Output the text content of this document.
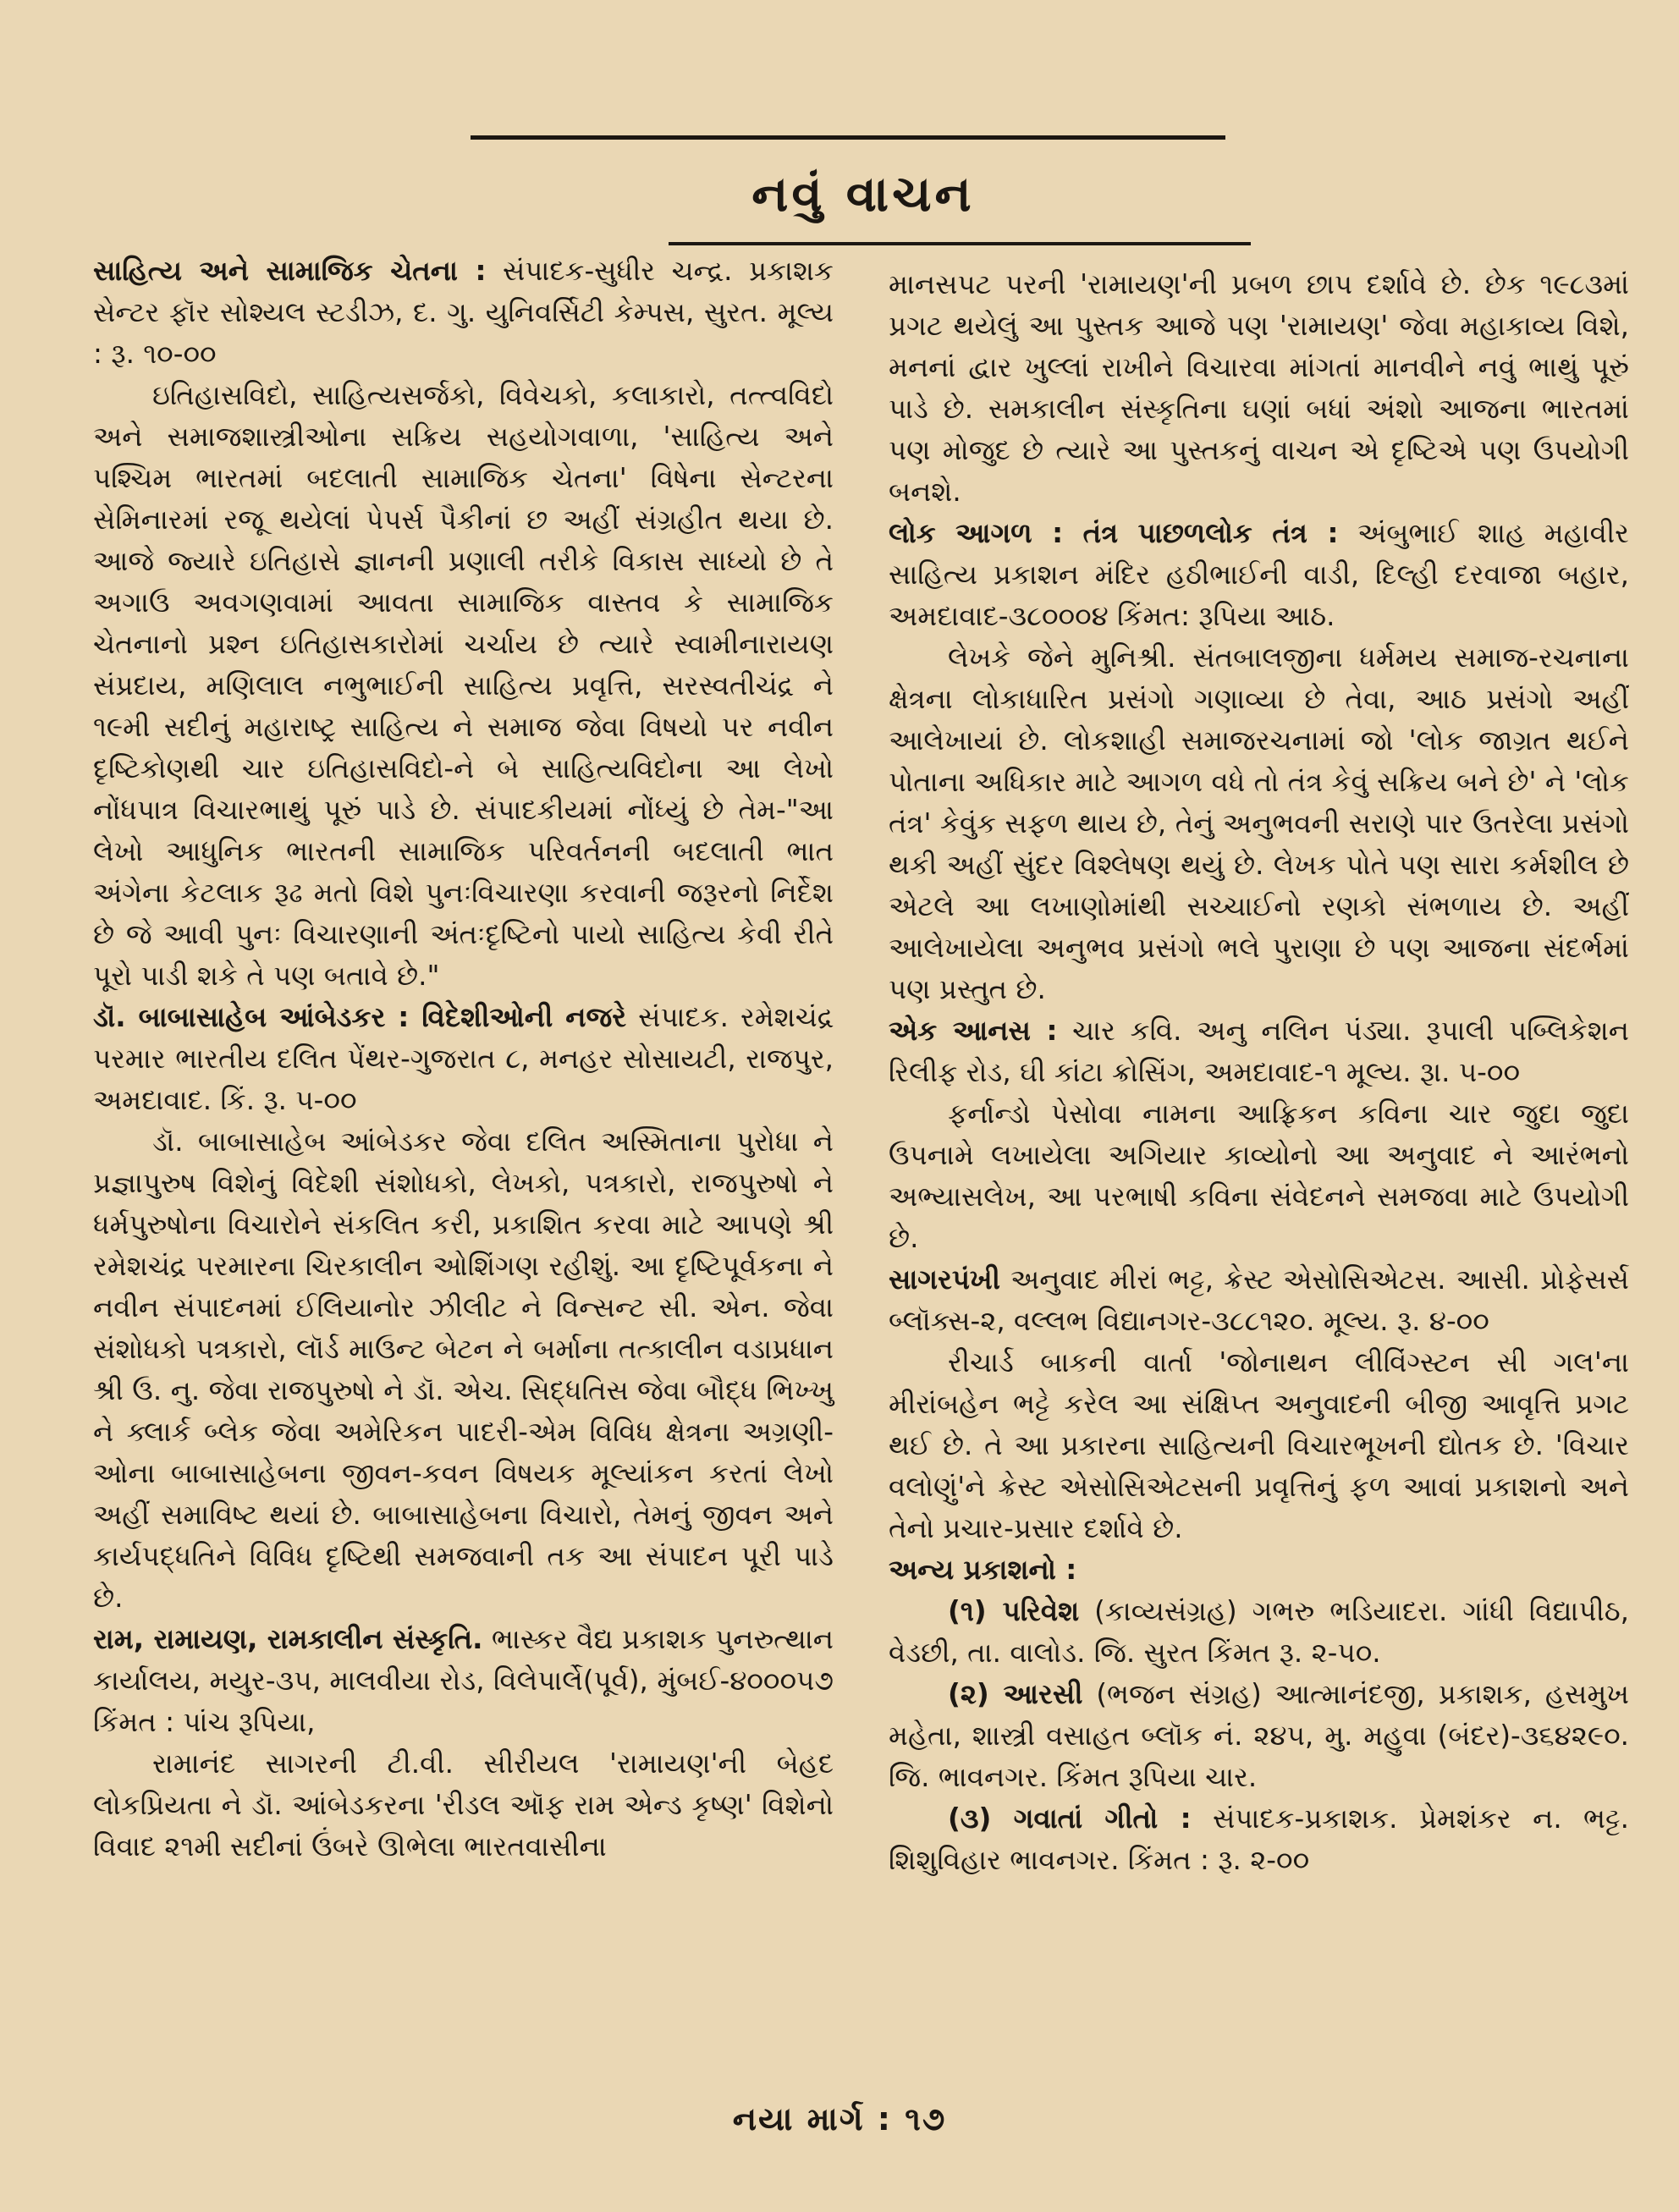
નવું વાચન

સાહિત્ય અને સામાજિક ચેતના : સંપાદક-સુધીર ચન્દ્ર. પ્રકાશક સેન્ટર ફૉર સોશ્યલ સ્ટડીઝ, દ. ગુ. યુનિવર્સિટી કેમ્પસ, સુરત. મૂલ્ય : રૂ. ૧૦-૦૦

ઇતિહાસવિદો, સાહિત્યસર્જકો, વિવેચકો, કલાકારો, તત્ત્વવિદો અને સમાજશાસ્ત્રીઓના સક્રિય સહયોગવાળા, 'સાહિત્ય અને પશ્ચિમ ભારતમાં બદલાતી સામાજિક ચેતના' વિષેના સેન્ટરના સેમિનારમાં રજૂ થયેલાં પેપર્સ પૈકીનાં છ અહીં સંગ્રહીત થયા છે. આજે જ્યારે ઇતિહાસે જ્ઞાનની પ્રણાલી તરીકે વિકાસ સાધ્યો છે તે અગાઉ અવગણવામાં આવતા સામાજિક વાસ્તવ કે સામાજિક ચેતનાનો પ્રશ્ન ઇતિહાસકારોમાં ચર્ચાય છે ત્યારે સ્વામીનારાયણ સંપ્રદાય, મણિલાલ નભુભાઈની સાહિત્ય પ્રવૃત્તિ, સરસ્વતીચંદ્ર ને ૧૯મી સદીનું મહારાષ્ટ્ર સાહિત્ય ને સમાજ જેવા વિષયો પર નવીન દૃષ્ટિકોણથી ચાર ઇતિહાસવિદો-ને બે સાહિત્યવિદોના આ લેખો નોંધપાત્ર વિચારભાથું પૂરું પાડે છે. સંપાદકીયમાં નોંધ્યું છે તેમ-"આ લેખો આધુનિક ભારતની સામાજિક પરિવર્તનની બદલાતી ભાત અંગેના કેટલાક રૂઢ મતો વિશે પુનઃવિચારણા કરવાની જરૂરનો નિર્દેશ છે જે આવી પુનઃ વિચારણાની અંતઃદૃષ્ટિનો પાયો સાહિત્ય કેવી રીતે પૂરો પાડી શકે તે પણ બતાવે છે."

ડૉ. બાબાસાહેબ આંબેડકર : વિદેશીઓની નજરે સંપાદક. રમેશચંદ્ર પરમાર ભારતીય દલિત પેંથર-ગુજરાત ૮, મનહર સોસાયટી, રાજપુર, અમદાવાદ. કિં. રૂ. ૫-૦૦

ડૉ. બાબાસાહેબ આંબેડકર જેવા દલિત અસ્મિતાના પુરોધા ને પ્રજ્ઞાપુરુષ વિશેનું વિદેશી સંશોધકો, લેખકો, પત્રકારો, રાજપુરુષો ને ધર્મપુરુષોના વિચારોને સંકલિત કરી, પ્રકાશિત કરવા માટે આપણે શ્રી રમેશચંદ્ર પરમારના ચિરકાલીન ઓશિંગણ રહીશું. આ દૃષ્ટિપૂર્વકના ને નવીન સંપાદનમાં ઈલિયાનોર ઝીલીટ ને વિન્સન્ટ સી. એન. જેવા સંશોધકો પત્રકારો, લૉર્ડ માઉન્ટ બેટન ને બર્માના તત્કાલીન વડાપ્રધાન શ્રી ઉ. નુ. જેવા રાજપુરુષો ને ડૉ. એચ. સિદ્ધતિસ જેવા બૌદ્ધ ભિખ્ખુ ને ક્લાર્ક બ્લેક જેવા અમેરિકન પાદરી-એમ વિવિધ ક્ષેત્રના અગ્રણી-ઓના બાબાસાહેબના જીવન-કવન વિષયક મૂલ્યાંકન કરતાં લેખો અહીં સમાવિષ્ટ થયાં છે. બાબાસાહેબના વિચારો, તેમનું જીવન અને કાર્યપદ્ધતિને વિવિધ દૃષ્ટિથી સમજવાની તક આ સંપાદન પૂરી પાડે છે.

રામ, રામાયણ, રામકાલીન સંસ્કૃતિ. ભાસ્કર વૈદ્ય પ્રકાશક પુનરુત્થાન કાર્યાલય, મયુર-૩૫, માલવીયા રોડ, વિલેપાર્લે(પૂર્વ), મુંબઈ-૪૦૦૦૫૭ કિંમત : પાંચ રૂપિયા,

રામાનંદ સાગરની ટી.વી. સીરીયલ 'રામાયણ'ની બેહદ લોકપ્રિયતા ને ડૉ. આંબેડકરના 'રીડલ ઑફ રામ એન્ડ કૃષ્ણ' વિશેનો વિવાદ ૨૧મી સદીનાં ઉંબરે ઊભેલા ભારતવાસીના

માનસપટ પરની 'રામાયણ'ની પ્રબળ છાપ દર્શાવે છે. છેક ૧૯૮૩માં પ્રગટ થયેલું આ પુસ્તક આજે પણ 'રામાયણ' જેવા મહાકાવ્ય વિશે, મનનાં દ્વાર ખુલ્લાં રાખીને વિચારવા માંગતાં માનવીને નવું ભાથું પૂરું પાડે છે. સમકાલીન સંસ્કૃતિના ઘણાં બધાં અંશો આજના ભારતમાં પણ મોજુદ છે ત્યારે આ પુસ્તકનું વાચન એ દૃષ્ટિએ પણ ઉપયોગી બનશે.

લોક આગળ : તંત્ર પાછળલોક તંત્ર : અંબુભાઈ શાહ મહાવીર સાહિત્ય પ્રકાશન મંદિર હઠીભાઈની વાડી, દિલ્હી દરવાજા બહાર, અમદાવાદ-૩૮૦૦૦૪ કિંમત: રૂપિયા આઠ.

લેખકે જેને મુનિશ્રી. સંતબાલજીના ધર્મમય સમાજ-રચનાના ક્ષેત્રના લોકાધારિત પ્રસંગો ગણાવ્યા છે તેવા, આઠ પ્રસંગો અહીં આલેખાયાં છે. લોકશાહી સમાજરચનામાં જો 'લોક જાગ્રત થઈને પોતાના અધિકાર માટે આગળ વધે તો તંત્ર કેવું સક્રિય બને છે' ને 'લોક તંત્ર' કેવુંક સફળ થાય છે, તેનું અનુભવની સરાણે પાર ઉતરેલા પ્રસંગો થકી અહીં સુંદર વિશ્લેષણ થયું છે. લેખક પોતે પણ સારા કર્મશીલ છે એટલે આ લખાણોમાંથી સચ્ચાઈનો રણકો સંભળાય છે. અહીં આલેખાયેલા અનુભવ પ્રસંગો ભલે પુરાણા છે પણ આજના સંદર્ભમાં પણ પ્રસ્તુત છે.

એક આનસ : ચાર કવિ. અનુ નલિન પંડ્યા. રૂપાલી પબ્લિકેશન રિલીફ રોડ, ઘી કાંટા ક્રોસિંગ, અમદાવાદ-૧ મૂલ્ય. રૂા. ૫-૦૦

ફર્નાન્ડો પેસોવા નામના આફ્રિકન કવિના ચાર જુદા જુદા ઉપનામે લખાયેલા અગિયાર કાવ્યોનો આ અનુવાદ ને આરંભનો અભ્યાસલેખ, આ પરભાષી કવિના સંવેદનને સમજવા માટે ઉપયોગી છે.

સાગરપંખી અનુવાદ મીરાં ભટ્ટ, ક્રેસ્ટ એસોસિએટસ. આસી. પ્રોફેસર્સ બ્લૉક્સ-૨, વલ્લભ વિદ્યાનગર-૩૮૮૧૨૦. મૂલ્ય. રૂ. ૪-૦૦

રીચાર્ડ બાકની વાર્તા 'જોનાથન લીવિંગ્સ્ટન સી ગલ'ના મીરાંબહેન ભટ્ટે કરેલ આ સંક્ષિપ્ત અનુવાદની બીજી આવૃત્તિ પ્રગટ થઈ છે. તે આ પ્રકારના સાહિત્યની વિચારભૂખની દ્યોતક છે. 'વિચાર વલોણું'ને ક્રેસ્ટ એસોસિએટસની પ્રવૃત્તિનું ફળ આવાં પ્રકાશનો અને તેનો પ્રચાર-પ્રસાર દર્શાવે છે.

અન્ય પ્રકાશનો :

(૧) પરિવેશ (કાવ્યસંગ્રહ) ગભરુ ભડિયાદરા. ગાંધી વિદ્યાપીઠ, વેડછી, તા. વાલોડ. જિ. સુરત કિંમત રૂ. ૨-૫૦.

(૨) આરસી (ભજન સંગ્રહ) આત્માનંદજી, પ્રકાશક, હસમુખ મહેતા, શાસ્ત્રી વસાહત બ્લૉક નં. ૨૪૫, મુ. મહુવા (બંદર)-૩૬૪૨૯૦. જિ. ભાવનગર. કિંમત રૂપિયા ચાર.

(૩) ગવાતાં ગીતો : સંપાદક-પ્રકાશક. પ્રેમશંકર ન. ભટ્ટ. શિશુવિહાર ભાવનગર. કિંમત : રૂ. ૨-૦૦

નયા માર્ગ : ૧૭
